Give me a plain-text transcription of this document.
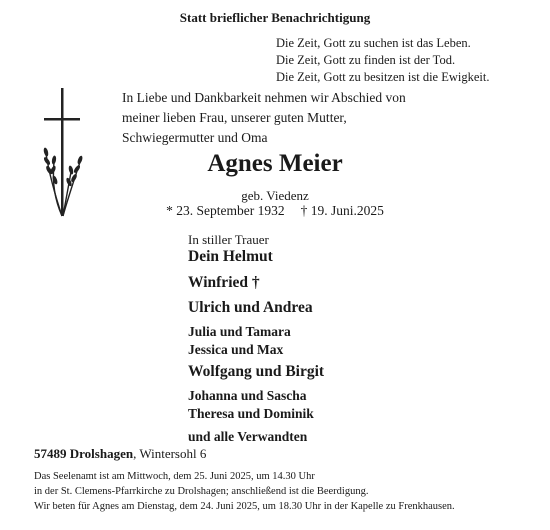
Statt brieflicher Benachrichtigung
Die Zeit, Gott zu suchen ist das Leben.
Die Zeit, Gott zu finden ist der Tod.
Die Zeit, Gott zu besitzen ist die Ewigkeit.
In Liebe und Dankbarkeit nehmen wir Abschied von
meiner lieben Frau, unserer guten Mutter,
Schwiegermutter und Oma
Agnes Meier
geb. Viedenz
* 23. September 1932 † 19. Juni.2025
In stiller Trauer
Dein Helmut
Winfried †
Ulrich und Andrea
Julia und Tamara
Jessica und Max
Wolfgang und Birgit
Johanna und Sascha
Theresa und Dominik
und alle Verwandten
57489 Drolshagen, Wintersohl 6
Das Seelenamt ist am Mittwoch, dem 25. Juni 2025, um 14.30 Uhr
in der St. Clemens-Pfarrkirche zu Drolshagen; anschließend ist die Beerdigung.
Wir beten für Agnes am Dienstag, dem 24. Juni 2025, um 18.30 Uhr in der Kapelle zu Frenkhausen.
